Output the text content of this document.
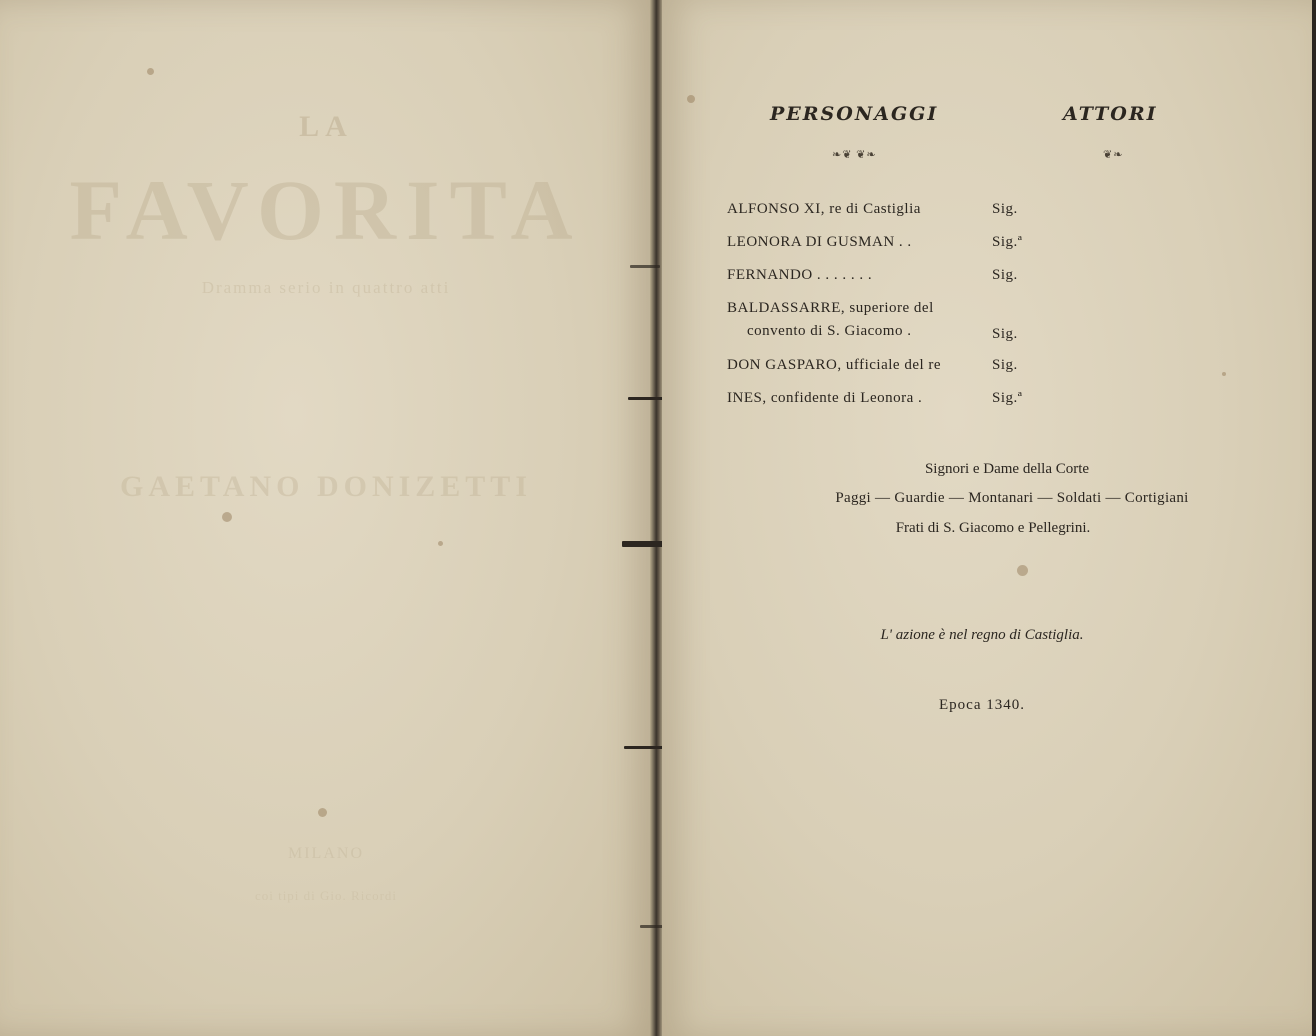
LA
FAVORITA
Dramma serio in quattro atti
GAETANO DONIZETTI
MILANO
coi tipi di Gio. Ricordi
PERSONAGGI	ATTORI
❧❦ ❦❧	❦❧
ALFONSO XI, re di Castiglia	Sig.
LEONORA DI GUSMAN . .	Sig.ª
FERNANDO . . . . . . .	Sig.
BALDASSARRE, superiore del
convento di S. Giacomo .	Sig.
DON GASPARO, ufficiale del re	Sig.
INES, confidente di Leonora .	Sig.ª
Signori e Dame della Corte
Paggi — Guardie — Montanari — Soldati — Cortigiani
Frati di S. Giacomo e Pellegrini.
L' azione è nel regno di Castiglia.
Epoca 1340.
